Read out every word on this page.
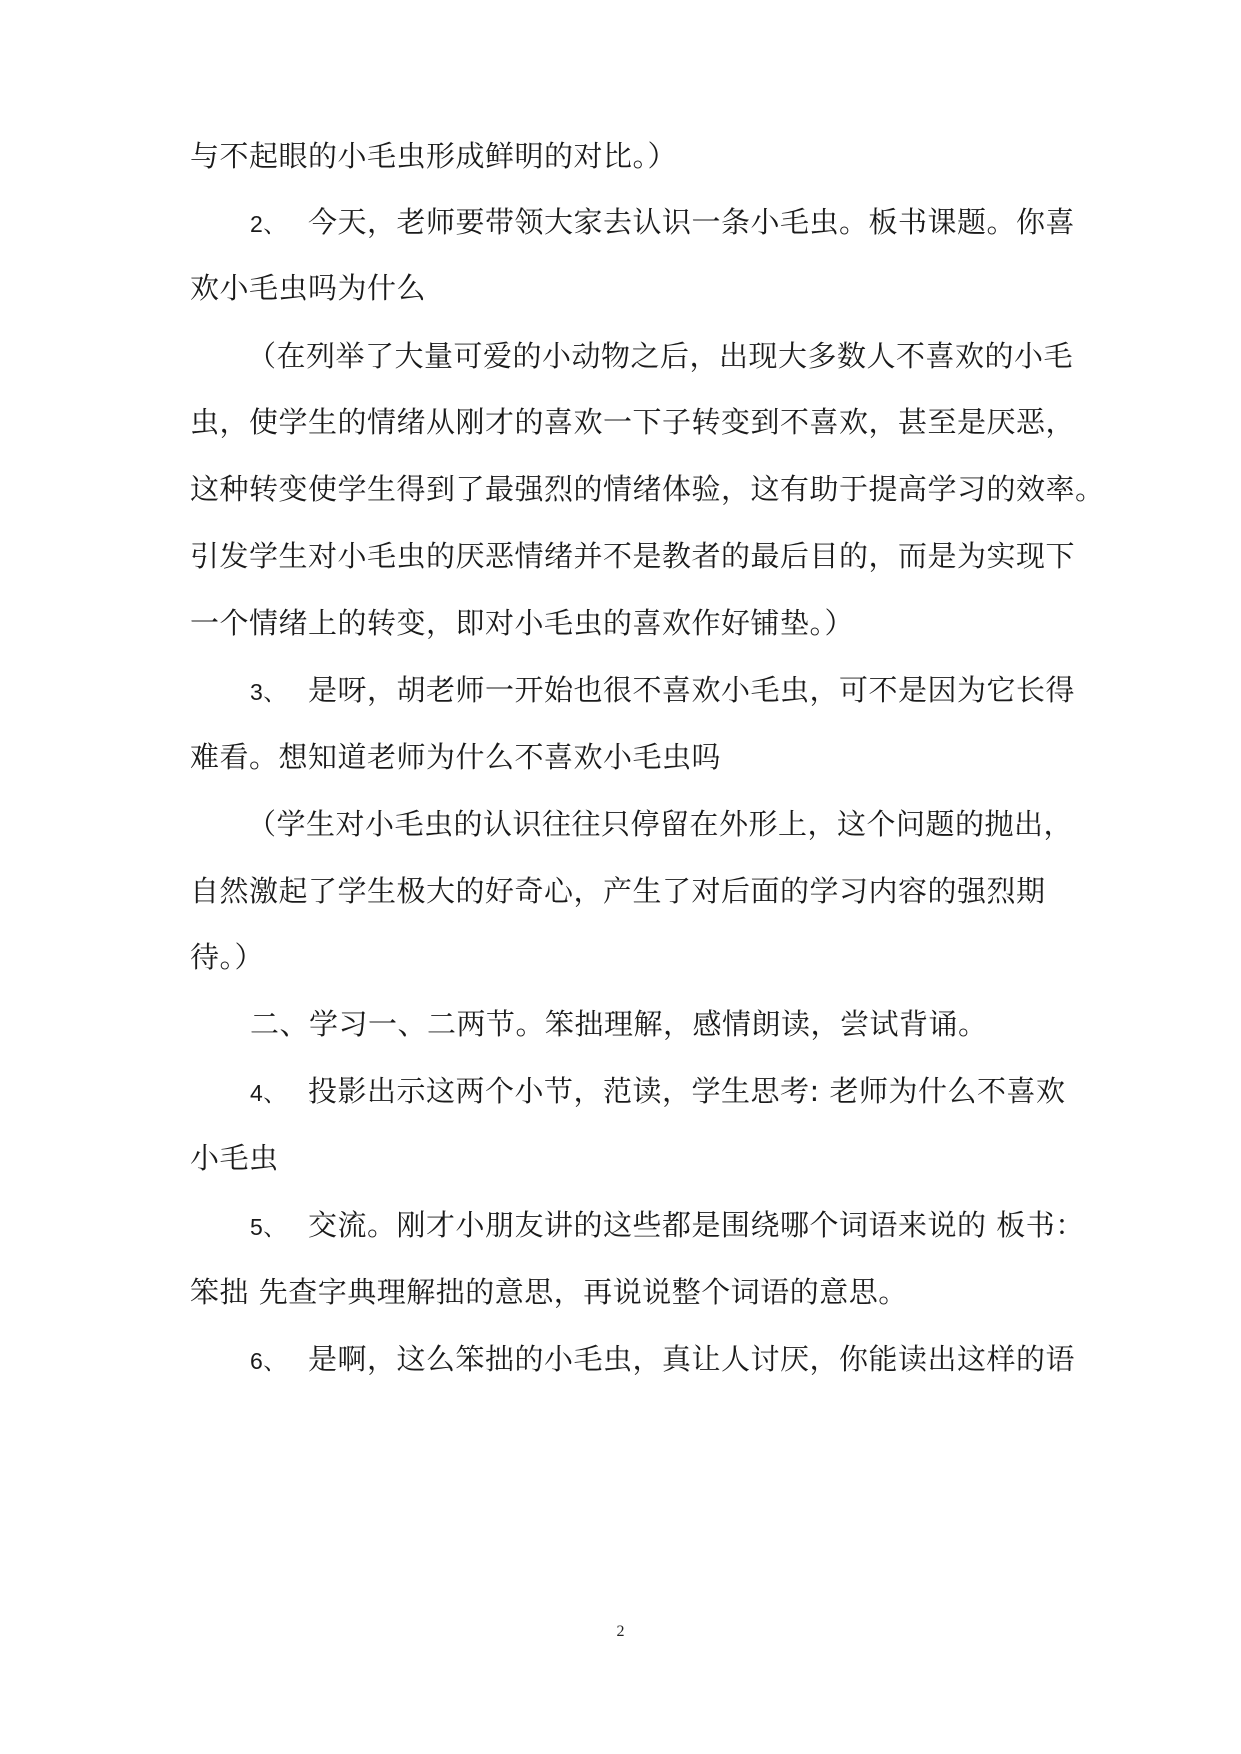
与不起眼的小毛虫形成鲜明的对比。）
2、 今天，老师要带领大家去认识一条小毛虫。板书课题。你喜
欢小毛虫吗为什么
（在列举了大量可爱的小动物之后，出现大多数人不喜欢的小毛
虫，使学生的情绪从刚才的喜欢一下子转变到不喜欢，甚至是厌恶，
这种转变使学生得到了最强烈的情绪体验，这有助于提高学习的效率。
引发学生对小毛虫的厌恶情绪并不是教者的最后目的，而是为实现下
一个情绪上的转变，即对小毛虫的喜欢作好铺垫。）
3、 是呀，胡老师一开始也很不喜欢小毛虫，可不是因为它长得
难看。想知道老师为什么不喜欢小毛虫吗
（学生对小毛虫的认识往往只停留在外形上，这个问题的抛出，
自然激起了学生极大的好奇心，产生了对后面的学习内容的强烈期
待。）
二、学习一、二两节。笨拙理解，感情朗读，尝试背诵。
4、 投影出示这两个小节，范读，学生思考: 老师为什么不喜欢
小毛虫
5、 交流。刚才小朋友讲的这些都是围绕哪个词语来说的 板书：
笨拙 先查字典理解拙的意思，再说说整个词语的意思。
6、 是啊，这么笨拙的小毛虫，真让人讨厌，你能读出这样的语
2
